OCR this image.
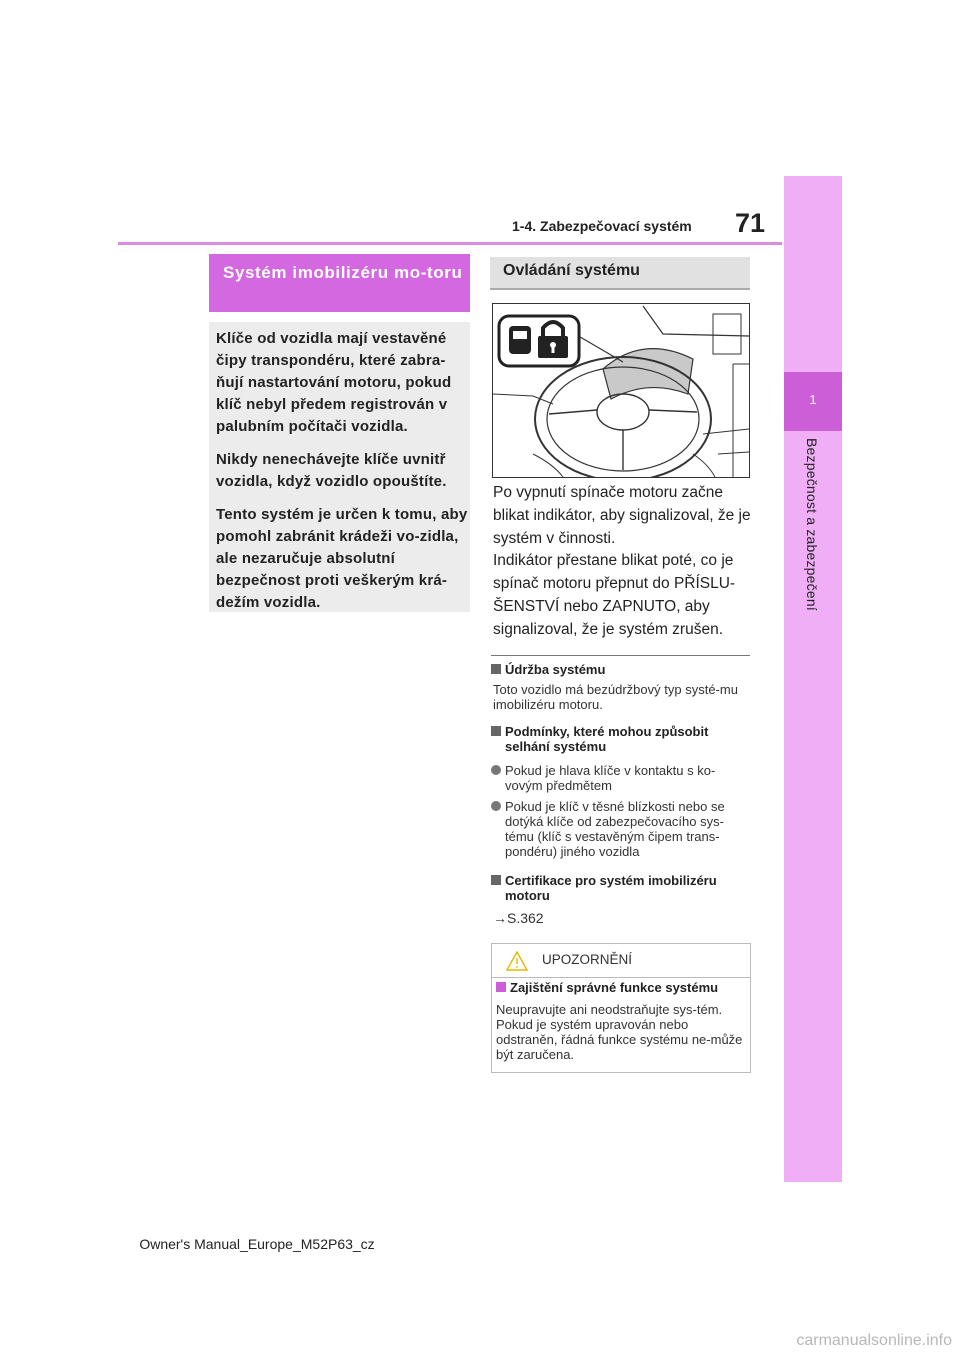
1-4. Zabezpečovací systém 71
1
Bezpečnost a zabezpečení
Systém imobilizéru mo-toru

Klíče od vozidla mají vestavěné čipy transpondéru, které zabra-ňují nastartování motoru, pokud klíč nebyl předem registrován v palubním počítači vozidla.

Nikdy nenechávejte klíče uvnitř vozidla, když vozidlo opouštíte.

Tento systém je určen k tomu, aby pomohl zabránit krádeži vo-zidla, ale nezaručuje absolutní bezpečnost proti veškerým krá-dežím vozidla.

Ovládání systému

Po vypnutí spínače motoru začne blikat indikátor, aby signalizoval, že je systém v činnosti.

Indikátor přestane blikat poté, co je spínač motoru přepnut do PŘÍSLU-ŠENSTVÍ nebo ZAPNUTO, aby signalizoval, že je systém zrušen.

Údržba systému
Toto vozidlo má bezúdržbový typ systé-mu imobilizéru motoru.
Podmínky, které mohou způsobit selhání systému
Pokud je hlava klíče v kontaktu s ko-vovým předmětem
Pokud je klíč v těsné blízkosti nebo se dotýká klíče od zabezpečovacího sys-tému (klíč s vestavěným čipem trans-pondéru) jiného vozidla
Certifikace pro systém imobilizéru motoru
→S.362
UPOZORNĚNÍ
Zajištění správné funkce systému
Neupravujte ani neodstraňujte sys-tém. Pokud je systém upravován nebo odstraněn, řádná funkce systému ne-může být zaručena.
Owner's Manual_Europe_M52P63_cz
carmanualsonline.info
